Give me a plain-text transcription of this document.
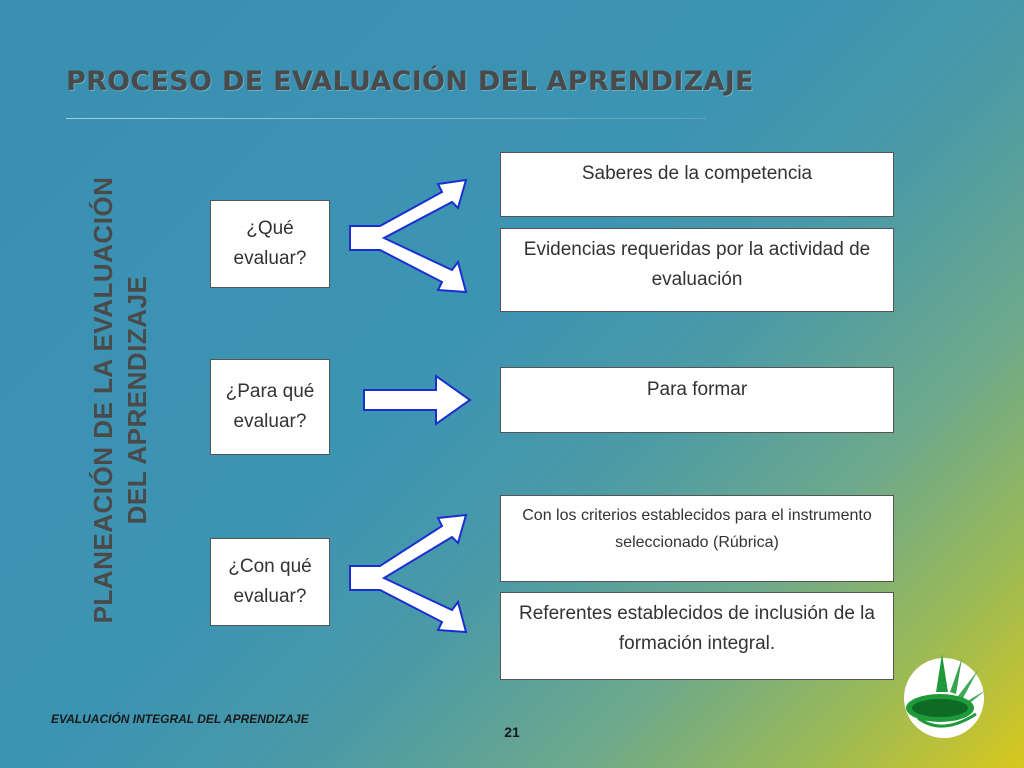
PROCESO DE EVALUACIÓN DEL APRENDIZAJE
PLANEACIÓN DE LA EVALUACIÓN DEL APRENDIZAJE
¿Qué evaluar?
¿Para qué evaluar?
¿Con qué evaluar?
Saberes de la competencia
Evidencias requeridas por la actividad de evaluación
Para formar
Con los criterios establecidos para el instrumento seleccionado (Rúbrica)
Referentes establecidos de inclusión de la formación integral.
EVALUACIÓN INTEGRAL DEL APRENDIZAJE
21
